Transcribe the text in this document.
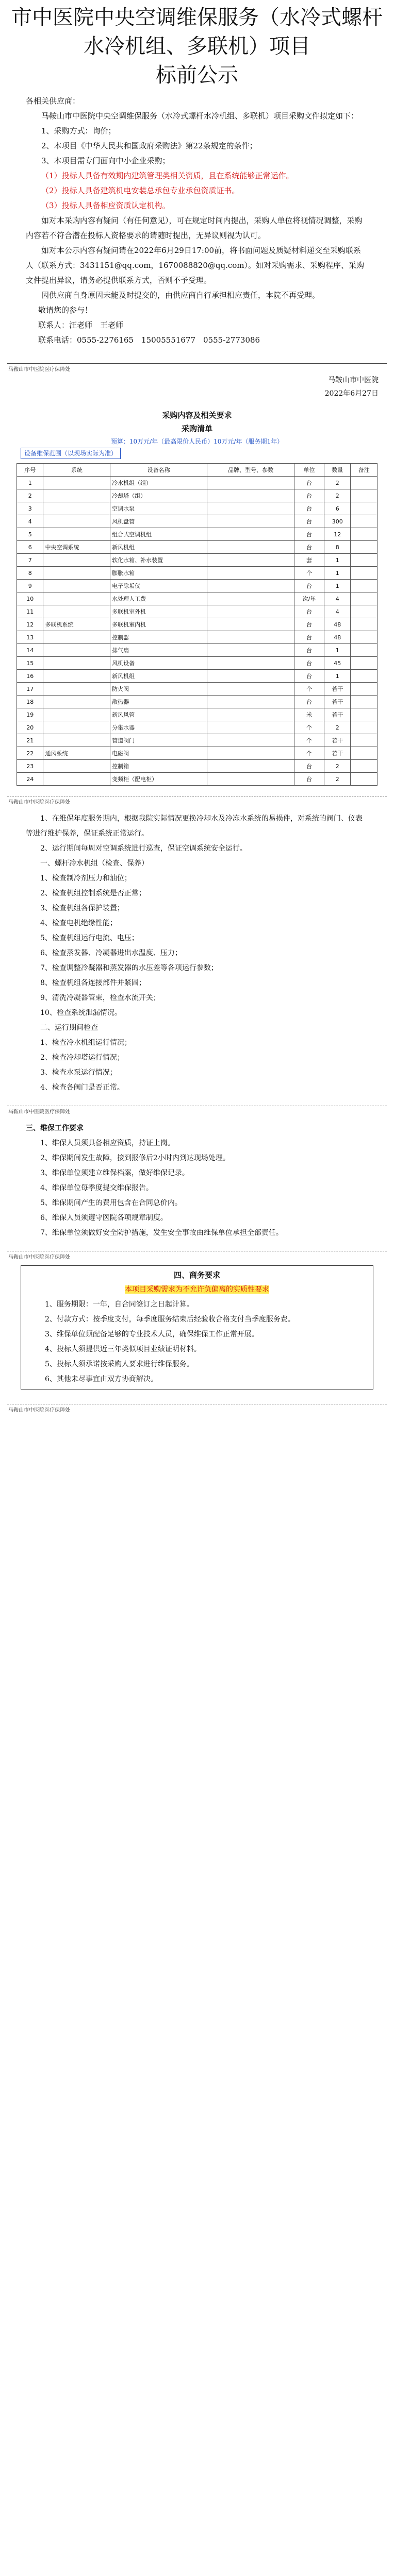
市中医院中央空调维保服务（水冷式螺杆
水冷机组、多联机）项目
标前公示

各相关供应商：

马鞍山市中医院中央空调维保服务（水冷式螺杆水冷机组、多联机）项目采购文件拟定如下：

1、采购方式：询价；

2、本项目《中华人民共和国政府采购法》第22条规定的条件；

3、本项目需专门面向中小企业采购；

（1）投标人具备有效期内建筑管理类相关资质，且在系统能够正常运作。

（2）投标人具备建筑机电安装总承包专业承包资质证书。

（3）投标人具备相应资质认定机构。

如对本采购内容有疑问（有任何意见），可在规定时间内提出，采购人单位将视情况调整，采购内容若不符合潜在投标人资格要求的请随时提出，无异议则视为认可。

如对本公示内容有疑问请在2022年6月29日17:00前，将书面问题及质疑材料递交至采购联系人（联系方式：3431151@qq.com，1670088820@qq.com）。如对采购需求、采购程序、采购文件提出异议，请务必提供联系方式，否则不予受理。

因供应商自身原因未能及时提交的，由供应商自行承担相应责任，本院不再受理。

敬请您的参与！

联系人：汪老师　王老师

联系电话：0555-2276165　15005551677　0555-2773086

马鞍山市中医院医疗保障处
马鞍山市中医院
2022年6月27日
采购内容及相关要求
采购清单
预算：10万元/年（最高限价人民币）10万元/年（服务期1年）
设备维保范围（以现场实际为准）
序号	系统	设备名称	品牌、型号、参数	单位	数量	备注
1		冷水机组（组）		台	2	
2		冷却塔（组）		台	2	
3		空调水泵		台	6	
4		风机盘管		台	300	
5		组合式空调机组		台	12	
6	中央空调系统	新风机组		台	8	
7		软化水箱、补水装置		套	1	
8		膨胀水箱		个	1	
9		电子除垢仪		台	1	
10		水处理人工费		次/年	4	
11		多联机室外机		台	4	
12	多联机系统	多联机室内机		台	48	
13		控制器		台	48	
14		排气扇		台	1	
15		风机设备		台	45	
16		新风机组		台	1	
17		防火阀		个	若干	
18		散热器		台	若干	
19		新风风管		米	若干	
20		分集水器		个	2	
21		管道阀门		个	若干	
22	通风系统	电磁阀		个	若干	
23		控制箱		台	2	
24		变频柜（配电柜）		台	2	
马鞍山市中医院医疗保障处

1、在维保年度服务期内，根据我院实际情况更换冷却水及冷冻水系统的易损件，对系统的阀门、仪表等进行维护保养，保证系统正常运行。

2、运行期间每周对空调系统进行巡查，保证空调系统安全运行。

一、螺杆冷水机组（检查、保养）

1、检查制冷剂压力和油位；

2、检查机组控制系统是否正常；

3、检查机组各保护装置；

4、检查电机绝缘性能；

5、检查机组运行电流、电压；

6、检查蒸发器、冷凝器进出水温度、压力；

7、检查调整冷凝器和蒸发器的水压差等各项运行参数；

8、检查机组各连接部件并紧固；

9、清洗冷凝器管束，检查水流开关；

10、检查系统泄漏情况。

二、运行期间检查

1、检查冷水机组运行情况；

2、检查冷却塔运行情况；

3、检查水泵运行情况；

4、检查各阀门是否正常。

马鞍山市中医院医疗保障处

三、维保工作要求

1、维保人员须具备相应资质，持证上岗。

2、维保期间发生故障，接到报修后2小时内到达现场处理。

3、维保单位须建立维保档案，做好维保记录。

4、维保单位每季度提交维保报告。

5、维保期间产生的费用包含在合同总价内。

6、维保人员须遵守医院各项规章制度。

7、维保单位须做好安全防护措施，发生安全事故由维保单位承担全部责任。

马鞍山市中医院医疗保障处
四、商务要求

本项目采购需求为不允许负偏离的实质性要求

1、服务期限：一年，自合同签订之日起计算。

2、付款方式：按季度支付，每季度服务结束后经验收合格支付当季度服务费。

3、维保单位须配备足够的专业技术人员，确保维保工作正常开展。

4、投标人须提供近三年类似项目业绩证明材料。

5、投标人须承诺按采购人要求进行维保服务。

6、其他未尽事宜由双方协商解决。

马鞍山市中医院医疗保障处
